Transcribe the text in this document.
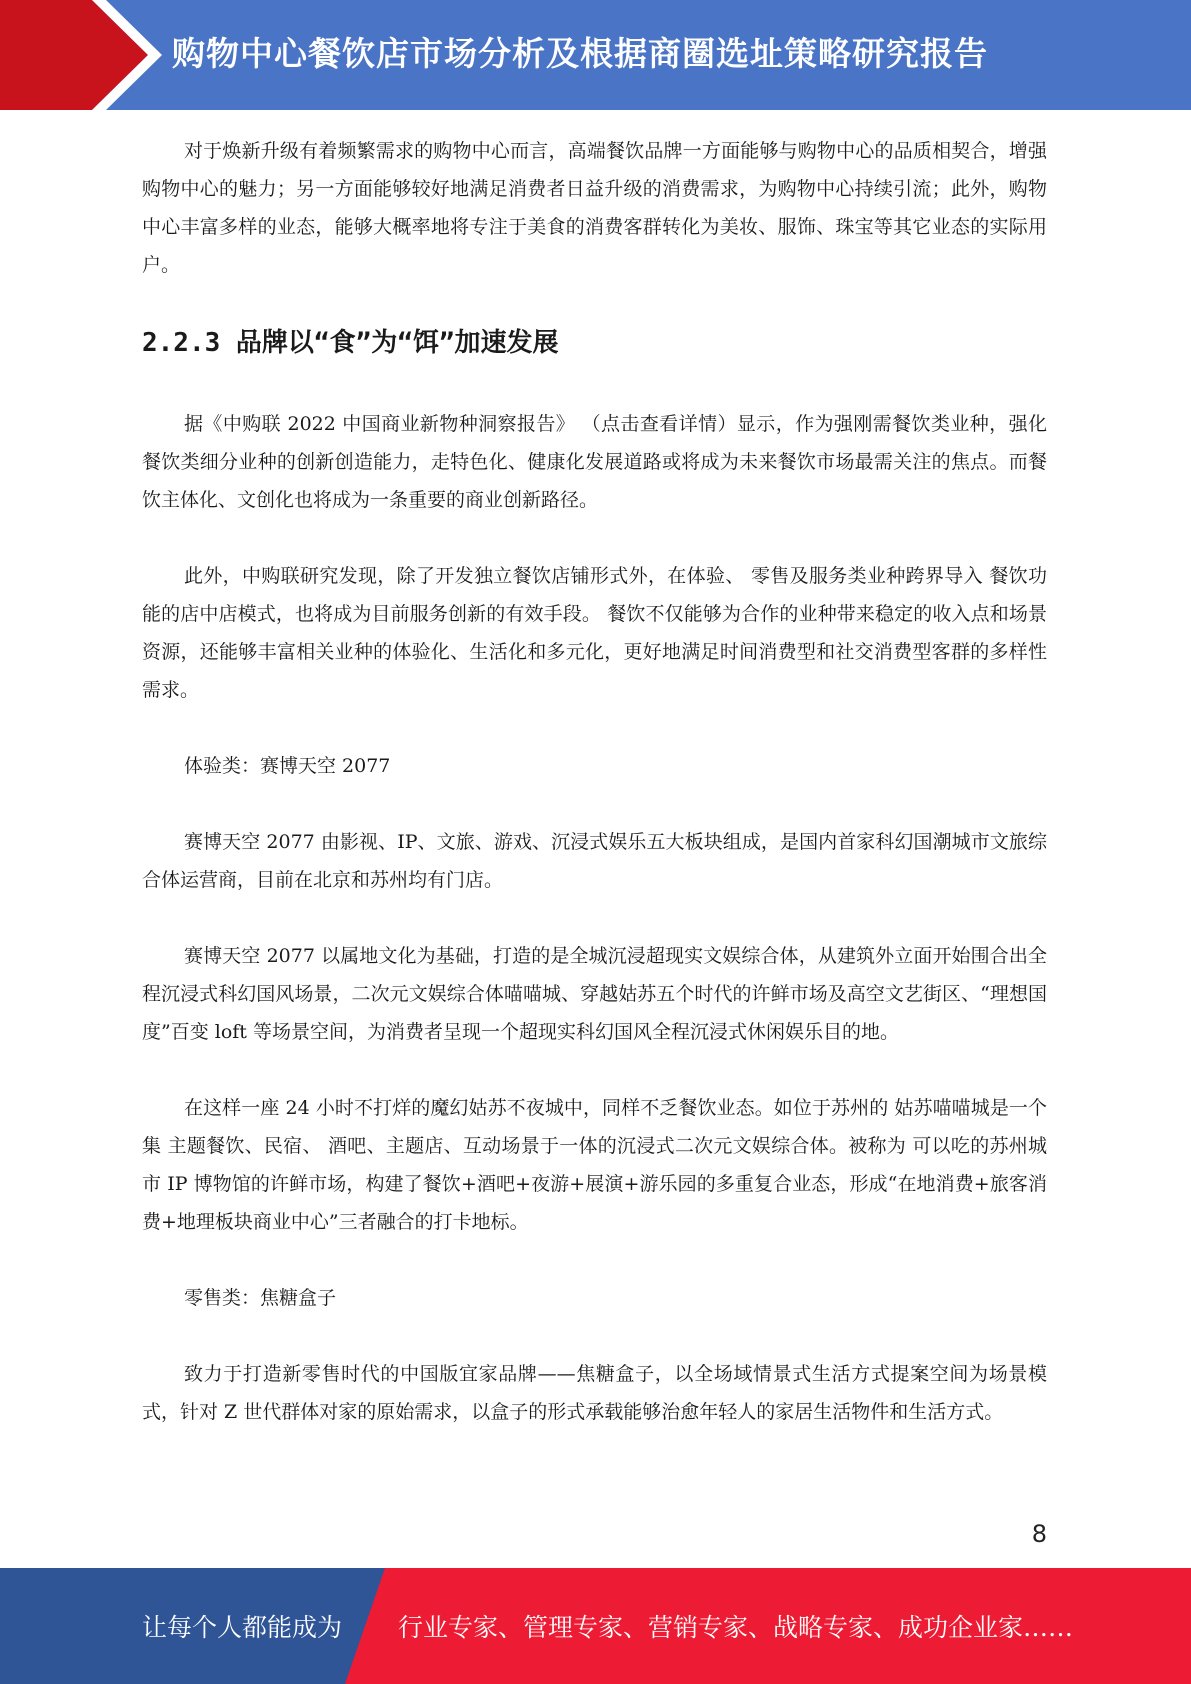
购物中心餐饮店市场分析及根据商圈选址策略研究报告

对于焕新升级有着频繁需求的购物中心而言，高端餐饮品牌一方面能够与购物中心的品质相契合，增强购物中心的魅力；另一方面能够较好地满足消费者日益升级的消费需求，为购物中心持续引流；此外，购物中心丰富多样的业态，能够大概率地将专注于美食的消费客群转化为美妆、服饰、珠宝等其它业态的实际用户。

2.2.3 品牌以“食”为“饵”加速发展

据《中购联 2022 中国商业新物种洞察报告》 （点击查看详情）显示，作为强刚需餐饮类业种，强化餐饮类细分业种的创新创造能力，走特色化、健康化发展道路或将成为未来餐饮市场最需关注的焦点。而餐饮主体化、文创化也将成为一条重要的商业创新路径。

此外，中购联研究发现，除了开发独立餐饮店铺形式外，在体验、 零售及服务类业种跨界导入 餐饮功能的店中店模式，也将成为目前服务创新的有效手段。 餐饮不仅能够为合作的业种带来稳定的收入点和场景资源，还能够丰富相关业种的体验化、生活化和多元化，更好地满足时间消费型和社交消费型客群的多样性需求。

体验类：赛博天空 2077

赛博天空 2077 由影视、IP、文旅、游戏、沉浸式娱乐五大板块组成，是国内首家科幻国潮城市文旅综合体运营商，目前在北京和苏州均有门店。

赛博天空 2077 以属地文化为基础，打造的是全城沉浸超现实文娱综合体，从建筑外立面开始围合出全程沉浸式科幻国风场景，二次元文娱综合体喵喵城、穿越姑苏五个时代的许鲜市场及高空文艺街区、“理想国度”百变 loft 等场景空间，为消费者呈现一个超现实科幻国风全程沉浸式休闲娱乐目的地。

在这样一座 24 小时不打烊的魔幻姑苏不夜城中，同样不乏餐饮业态。如位于苏州的 姑苏喵喵城是一个集 主题餐饮、民宿、 酒吧、主题店、互动场景于一体的沉浸式二次元文娱综合体。被称为 可以吃的苏州城市 IP 博物馆的许鲜市场，构建了餐饮+酒吧+夜游+展演+游乐园的多重复合业态，形成“在地消费+旅客消费+地理板块商业中心”三者融合的打卡地标。

零售类：焦糖盒子

致力于打造新零售时代的中国版宜家品牌——焦糖盒子，以全场域情景式生活方式提案空间为场景模式，针对 Z 世代群体对家的原始需求，以盒子的形式承载能够治愈年轻人的家居生活物件和生活方式。

8
让每个人都能成为 行业专家、管理专家、营销专家、战略专家、成功企业家……
